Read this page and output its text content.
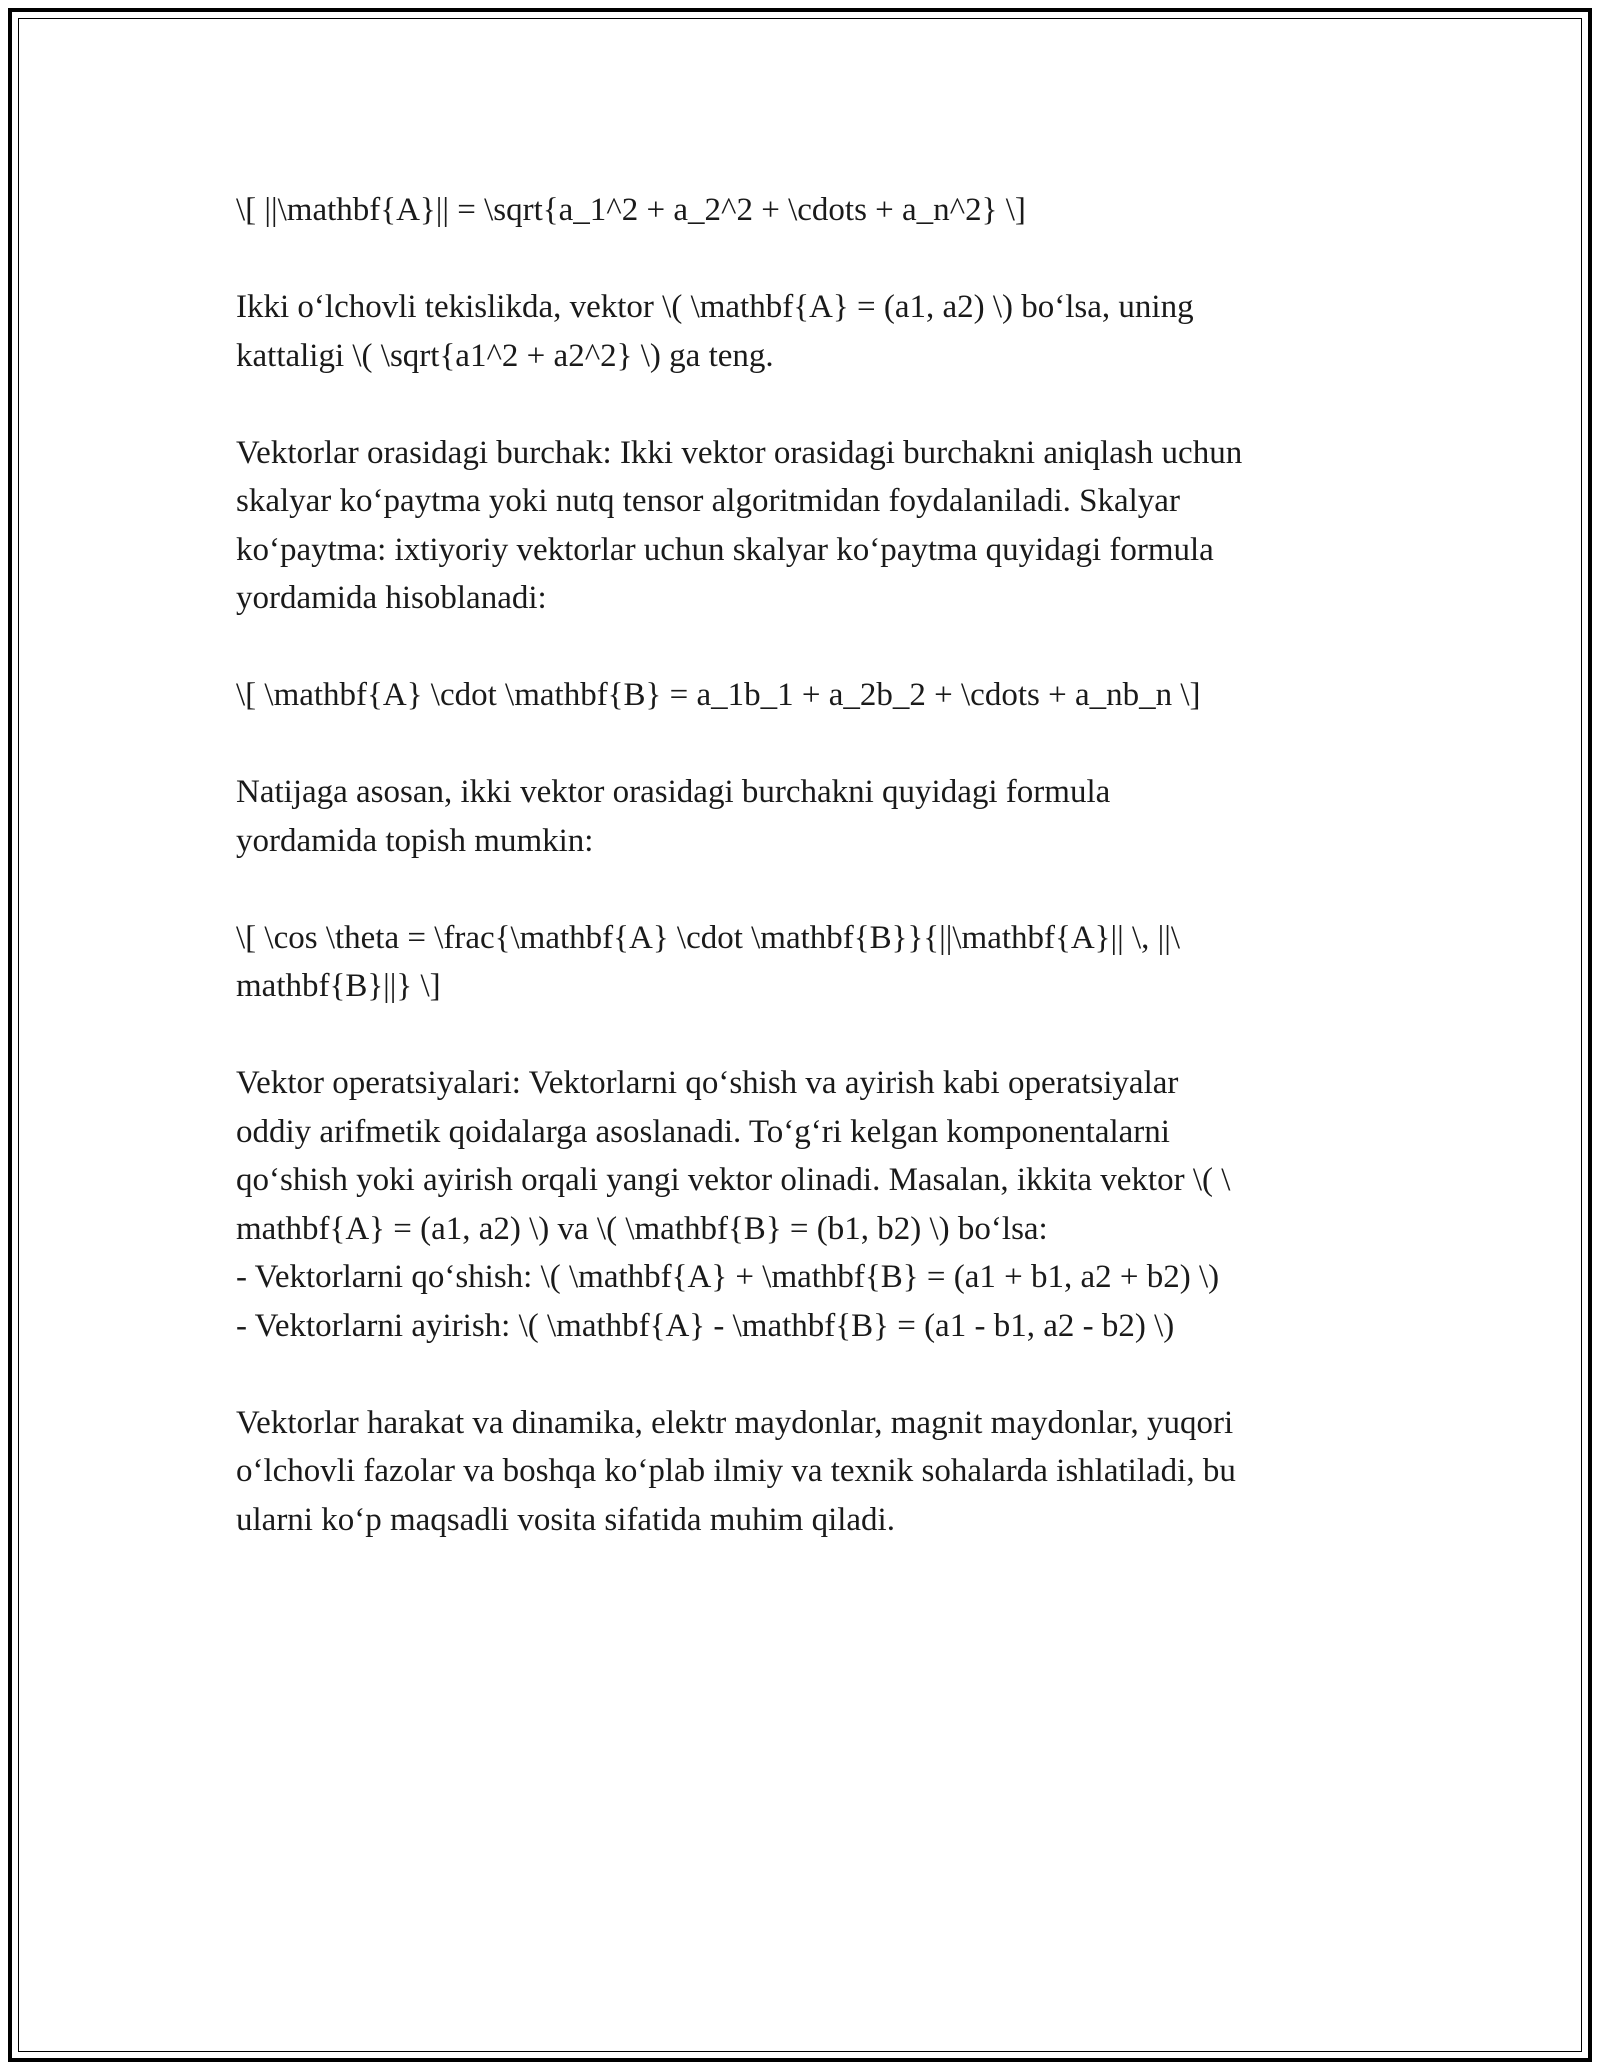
\[ ||\mathbf{A}|| = \sqrt{a_1^2 + a_2^2 + \cdots + a_n^2} \]

Ikki o‘lchovli tekislikda, vektor \( \mathbf{A} = (a1, a2) \) bo‘lsa, uning
kattaligi \( \sqrt{a1^2 + a2^2} \) ga teng.

Vektorlar orasidagi burchak: Ikki vektor orasidagi burchakni aniqlash uchun
skalyar ko‘paytma yoki nutq tensor algoritmidan foydalaniladi. Skalyar
ko‘paytma: ixtiyoriy vektorlar uchun skalyar ko‘paytma quyidagi formula
yordamida hisoblanadi:

\[ \mathbf{A} \cdot \mathbf{B} = a_1b_1 + a_2b_2 + \cdots + a_nb_n \]

Natijaga asosan, ikki vektor orasidagi burchakni quyidagi formula
yordamida topish mumkin:

\[ \cos \theta = \frac{\mathbf{A} \cdot \mathbf{B}}{||\mathbf{A}|| \, ||\
mathbf{B}||} \]

Vektor operatsiyalari: Vektorlarni qo‘shish va ayirish kabi operatsiyalar
oddiy arifmetik qoidalarga asoslanadi. To‘g‘ri kelgan komponentalarni
qo‘shish yoki ayirish orqali yangi vektor olinadi. Masalan, ikkita vektor \( \
mathbf{A} = (a1, a2) \) va \( \mathbf{B} = (b1, b2) \) bo‘lsa:
- Vektorlarni qo‘shish: \( \mathbf{A} + \mathbf{B} = (a1 + b1, a2 + b2) \)
- Vektorlarni ayirish: \( \mathbf{A} - \mathbf{B} = (a1 - b1, a2 - b2) \)

Vektorlar harakat va dinamika, elektr maydonlar, magnit maydonlar, yuqori
o‘lchovli fazolar va boshqa ko‘plab ilmiy va texnik sohalarda ishlatiladi, bu
ularni ko‘p maqsadli vosita sifatida muhim qiladi.
